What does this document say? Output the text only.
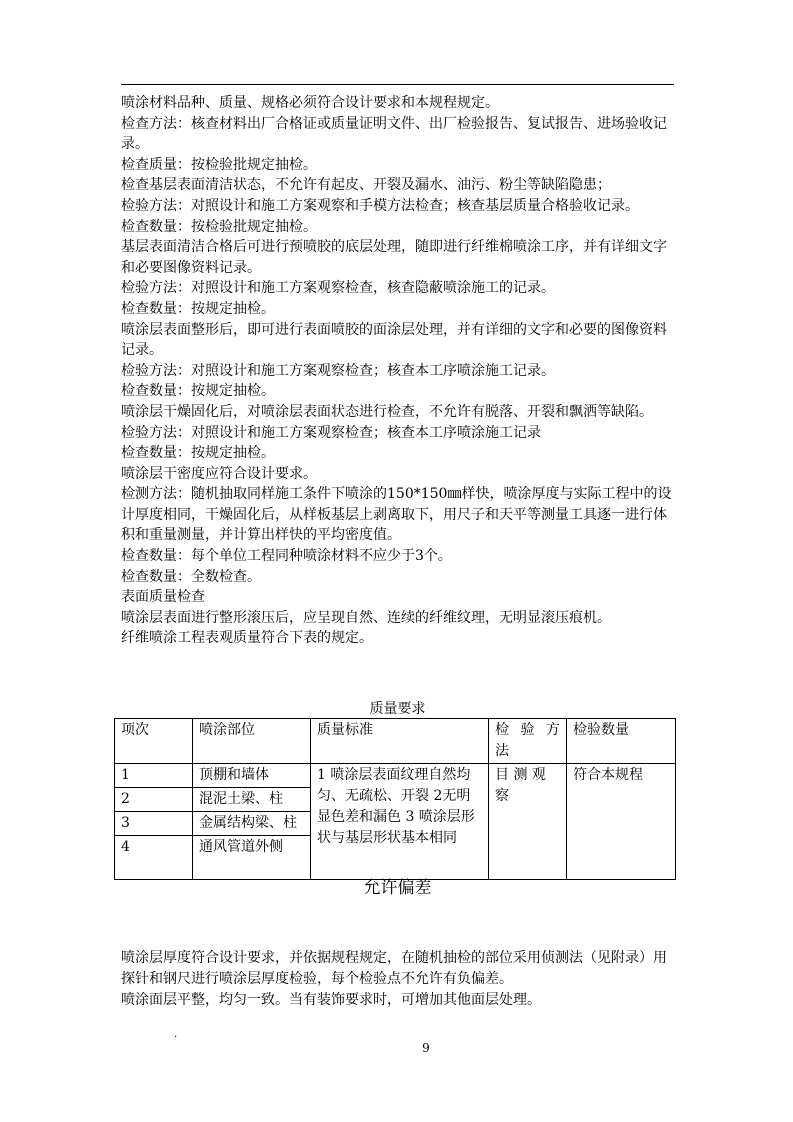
喷涂材料品种、质量、规格必须符合设计要求和本规程规定。

检查方法：核查材料出厂合格证或质量证明文件、出厂检验报告、复试报告、进场验收记录。

检查质量：按检验批规定抽检。

检查基层表面清洁状态，不允许有起皮、开裂及漏水、油污、粉尘等缺陷隐患；

检验方法：对照设计和施工方案观察和手模方法检查；核查基层质量合格验收记录。

检查数量：按检验批规定抽检。

基层表面清洁合格后可进行预喷胶的底层处理，随即进行纤维棉喷涂工序，并有详细文字和必要图像资料记录。

检验方法：对照设计和施工方案观察检查，核查隐蔽喷涂施工的记录。

检查数量：按规定抽检。

喷涂层表面整形后，即可进行表面喷胶的面涂层处理，并有详细的文字和必要的图像资料记录。

检验方法：对照设计和施工方案观察检查；核查本工序喷涂施工记录。

检查数量：按规定抽检。

喷涂层干燥固化后，对喷涂层表面状态进行检查，不允许有脱落、开裂和飘洒等缺陷。

检验方法：对照设计和施工方案观察检查；核查本工序喷涂施工记录

检查数量：按规定抽检。

喷涂层干密度应符合设计要求。

检测方法：随机抽取同样施工条件下喷涂的150*150㎜样快，喷涂厚度与实际工程中的设计厚度相同，干燥固化后，从样板基层上剥离取下，用尺子和天平等测量工具逐一进行体积和重量测量，并计算出样快的平均密度值。

检查数量：每个单位工程同种喷涂材料不应少于3个。

检查数量：全数检查。

表面质量检查

喷涂层表面进行整形滚压后，应呈现自然、连续的纤维纹理，无明显滚压痕机。

纤维喷涂工程表观质量符合下表的规定。

质量要求
项次	喷涂部位	质量标准	检 验 方 法	检验数量
1	顶棚和墙体	1 喷涂层表面纹理自然均匀、无疏松、开裂 2无明显色差和漏色 3 喷涂层形状与基层形状基本相同	目 测 观 察	符合本规程
2	混泥土梁、柱			
3	金属结构梁、柱			
4	通风管道外侧			
允许偏差

喷涂层厚度符合设计要求，并依据规程规定，在随机抽检的部位采用侦测法（见附录）用探针和钢尺进行喷涂层厚度检验，每个检验点不允许有负偏差。

喷涂面层平整，均匀一致。当有装饰要求时，可增加其他面层处理。

.
9
